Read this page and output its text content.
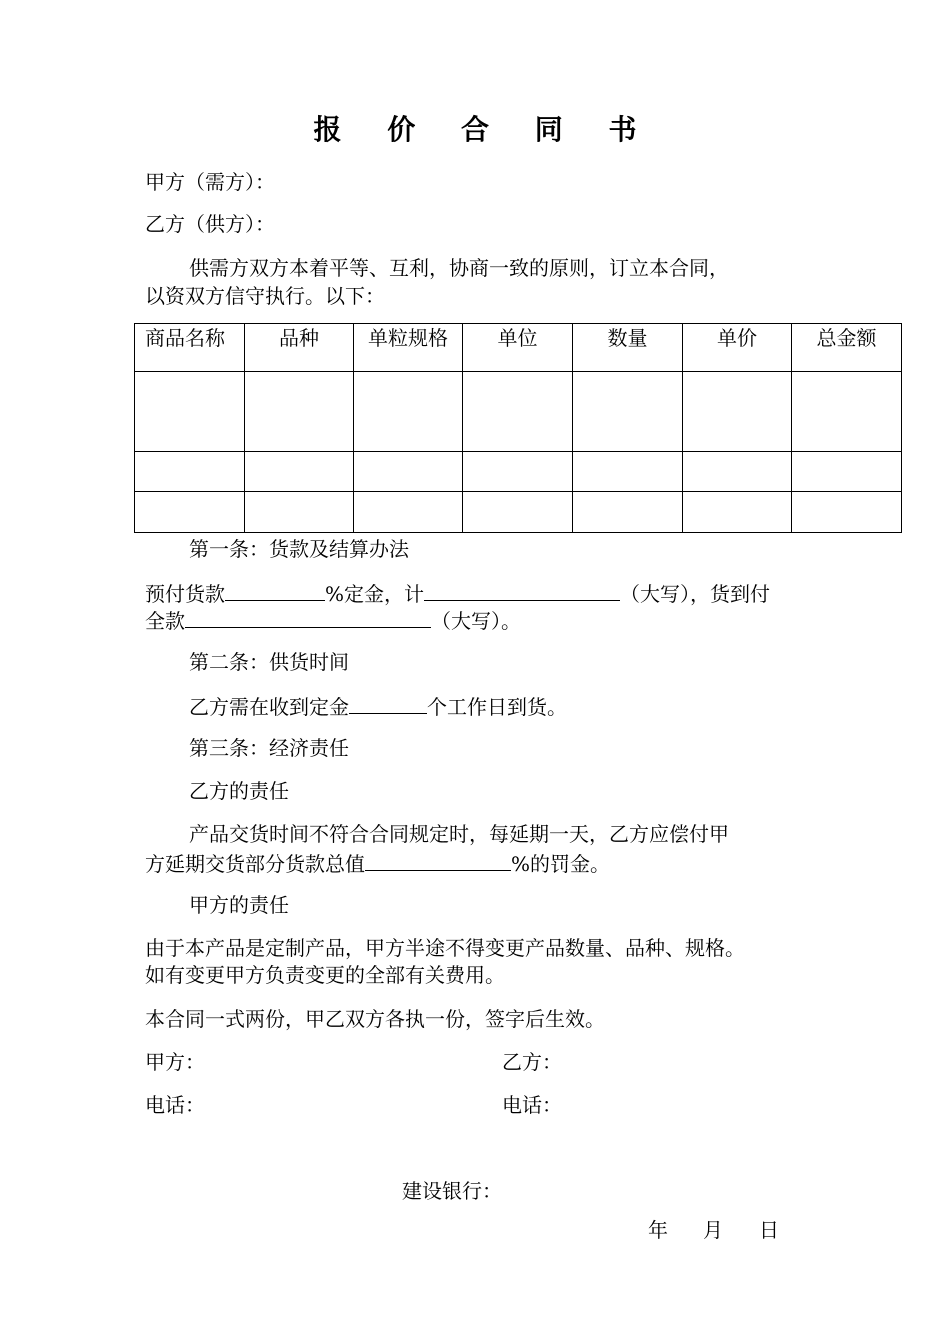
报 价 合 同 书
甲方（需方）：
乙方（供方）：
供需方双方本着平等、互利，协商一致的原则，订立本合同，
以资双方信守执行。以下：
商品名称	品种	单粒规格	单位	数量	单价	总金额

第一条：货款及结算办法
预付货款	%定金，计	（大写），货到付
全款	（大写）。
第二条：供货时间
乙方需在收到定金	个工作日到货。
第三条：经济责任
乙方的责任
产品交货时间不符合合同规定时，每延期一天，乙方应偿付甲
方延期交货部分货款总值	%的罚金。
甲方的责任
由于本产品是定制产品，甲方半途不得变更产品数量、品种、规格。
如有变更甲方负责变更的全部有关费用。
本合同一式两份，甲乙双方各执一份，签字后生效。
甲方：	乙方：
电话：	电话：
建设银行：
年 月 日
